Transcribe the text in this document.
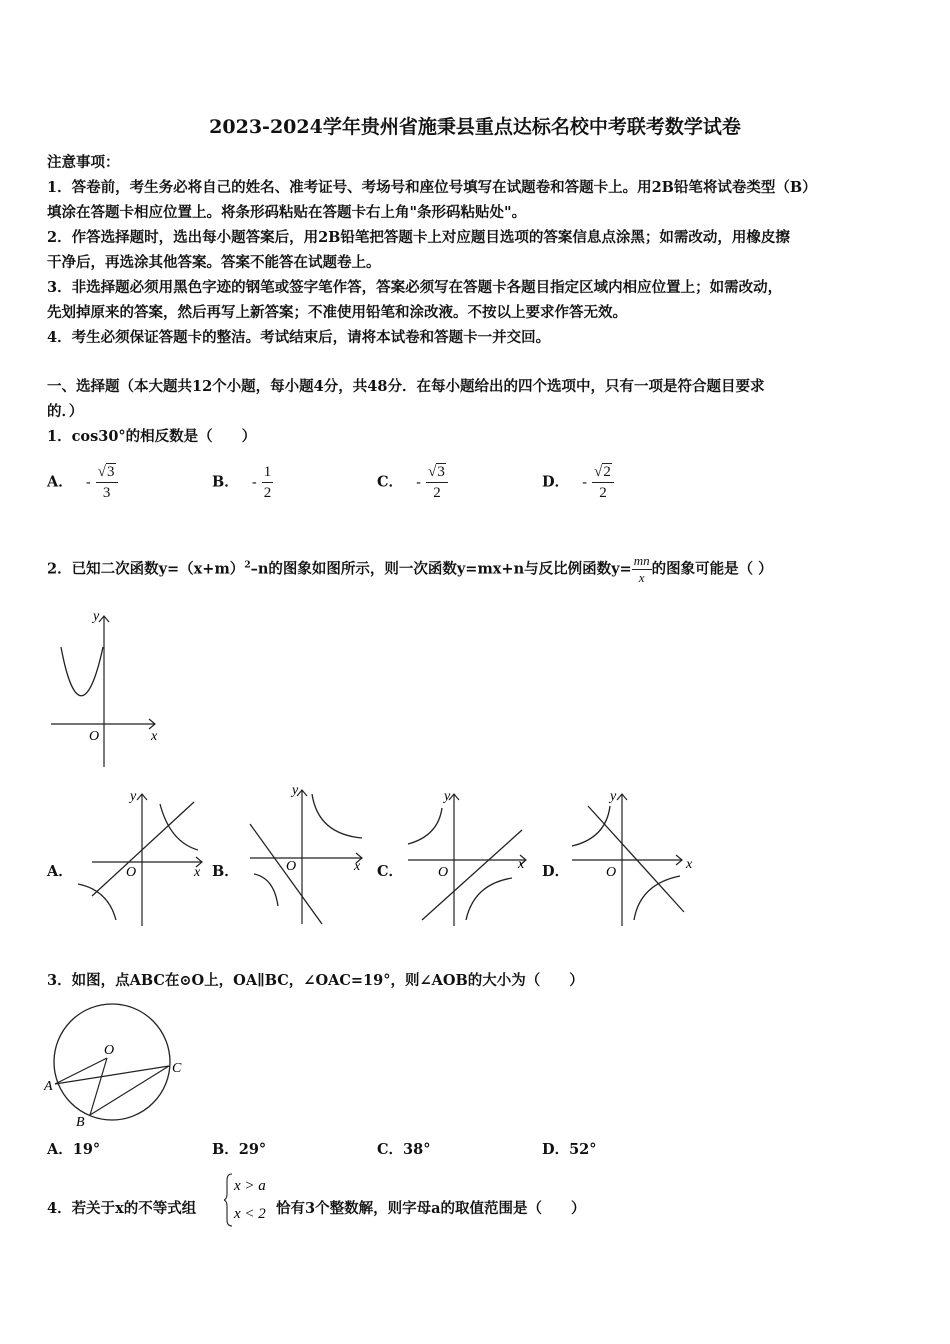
2023-2024学年贵州省施秉县重点达标名校中考联考数学试卷
注意事项：
1．答卷前，考生务必将自己的姓名、准考证号、考场号和座位号填写在试题卷和答题卡上。用2B铅笔将试卷类型（B）
填涂在答题卡相应位置上。将条形码粘贴在答题卡右上角"条形码粘贴处"。
2．作答选择题时，选出每小题答案后，用2B铅笔把答题卡上对应题目选项的答案信息点涂黑；如需改动，用橡皮擦
干净后，再选涂其他答案。答案不能答在试题卷上。
3．非选择题必须用黑色字迹的钢笔或签字笔作答，答案必须写在答题卡各题目指定区域内相应位置上；如需改动，
先划掉原来的答案，然后再写上新答案；不准使用铅笔和涂改液。不按以上要求作答无效。
4．考生必须保证答题卡的整洁。考试结束后，请将本试卷和答题卡一并交回。
一、选择题（本大题共12个小题，每小题4分，共48分．在每小题给出的四个选项中，只有一项是符合题目要求
的．）
1．cos30°的相反数是（　　）
A． - $\frac{√3}{3}$	B． - $\frac{1}{2}$	C． - $\frac{√3}{2}$	D． - $\frac{√2}{2}$
2．已知二次函数$y=(x+m)^2-n$的图象如图所示，则一次函数y=mx+n与反比例函数$y= \frac{mn}{x}$ 的图象可能是（ ）
y
x
O
A．
y
x
O	B．
y
x
O	C．
y
x
O	D．
y
x
O
3．如图，点ABC在⊙O上，OA∥BC，∠OAC=19°，则∠AOB的大小为（　　）
O
A
B
C
A．19°	B．29°	C．38°	D．52°
4．若关于x的不等式组
x > a
x < 2 恰有3个整数解，则字母a的取值范围是（　　）
